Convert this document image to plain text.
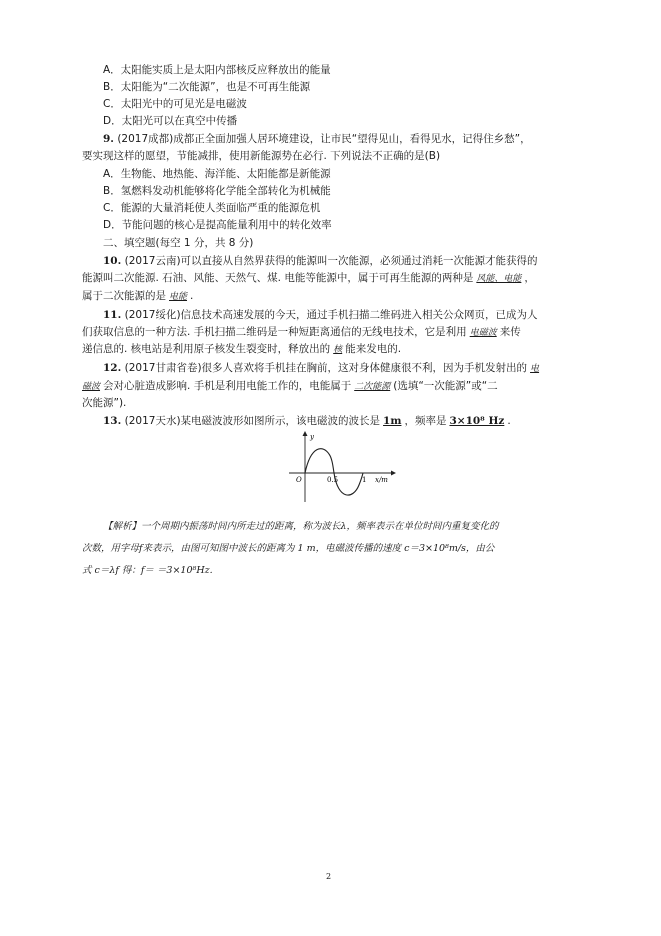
A．太阳能实质上是太阳内部核反应释放出的能量
B．太阳能为“二次能源”，也是不可再生能源
C．太阳光中的可见光是电磁波
D．太阳光可以在真空中传播
9. (2017成都)成都正全面加强人居环境建设，让市民“望得见山，看得见水，记得住乡愁”，
要实现这样的愿望，节能减排，使用新能源势在必行. 下列说法不正确的是(B)
A．生物能、地热能、海洋能、太阳能都是新能源
B．氢燃料发动机能够将化学能全部转化为机械能
C．能源的大量消耗使人类面临严重的能源危机
D．节能问题的核心是提高能量利用中的转化效率
二、填空题(每空 1 分，共 8 分)
10. (2017云南)可以直接从自然界获得的能源叫一次能源，必须通过消耗一次能源才能获得的
能源叫二次能源. 石油、风能、天然气、煤. 电能等能源中，属于可再生能源的两种是 风能、电能 ，
属于二次能源的是 电能 .
11. (2017绥化)信息技术高速发展的今天，通过手机扫描二维码进入相关公众网页，已成为人
们获取信息的一种方法. 手机扫描二维码是一种短距离通信的无线电技术，它是利用 电磁波 来传
递信息的. 核电站是利用原子核发生裂变时，释放出的 核 能来发电的.
12. (2017甘肃省卷)很多人喜欢将手机挂在胸前，这对身体健康很不利，因为手机发射出的 电
磁波 会对心脏造成影响. 手机是利用电能工作的，电能属于 二次能源 (选填“一次能源”或“二
次能源”).
13. (2017天水)某电磁波波形如图所示，该电磁波的波长是 1m ，频率是 3×10⁸ Hz .
y
O	0.5	1 x/m
【解析】一个周期内振荡时间内所走过的距离，称为波长λ，频率表示在单位时间内重复变化的
次数，用字母f来表示，由图可知图中波长的距离为 1 m，电磁波传播的速度 c＝3×10⁸m/s，由公
式 c＝λf 得：f＝ ＝3×10⁸Hz.
2
